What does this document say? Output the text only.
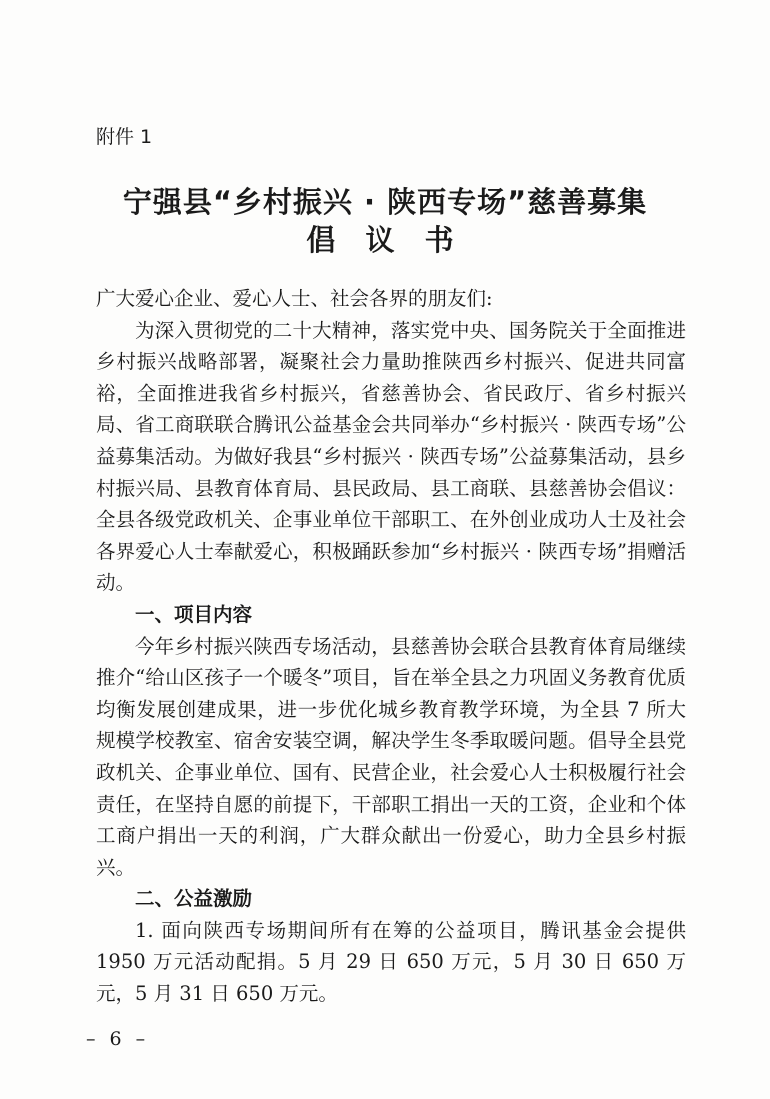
附件 1
宁强县“乡村振兴 · 陕西专场”慈善募集
倡 议 书

广大爱心企业、爱心人士、社会各界的朋友们:

为深入贯彻党的二十大精神，落实党中央、国务院关于全面推进乡村振兴战略部署，凝聚社会力量助推陕西乡村振兴、促进共同富裕，全面推进我省乡村振兴，省慈善协会、省民政厅、省乡村振兴局、省工商联联合腾讯公益基金会共同举办“乡村振兴 · 陕西专场”公益募集活动。为做好我县“乡村振兴 · 陕西专场”公益募集活动，县乡村振兴局、县教育体育局、县民政局、县工商联、县慈善协会倡议：全县各级党政机关、企事业单位干部职工、在外创业成功人士及社会各界爱心人士奉献爱心，积极踊跃参加“乡村振兴 · 陕西专场”捐赠活动。

一、项目内容

今年乡村振兴陕西专场活动，县慈善协会联合县教育体育局继续推介“给山区孩子一个暖冬”项目，旨在举全县之力巩固义务教育优质均衡发展创建成果，进一步优化城乡教育教学环境，为全县 7 所大规模学校教室、宿舍安装空调，解决学生冬季取暖问题。倡导全县党政机关、企事业单位、国有、民营企业，社会爱心人士积极履行社会责任，在坚持自愿的前提下，干部职工捐出一天的工资，企业和个体工商户捐出一天的利润，广大群众献出一份爱心，助力全县乡村振兴。

二、公益激励

1. 面向陕西专场期间所有在筹的公益项目，腾讯基金会提供 1950 万元活动配捐。5 月 29 日 650 万元，5 月 30 日 650 万元，5 月 31 日 650 万元。

– 6 –
